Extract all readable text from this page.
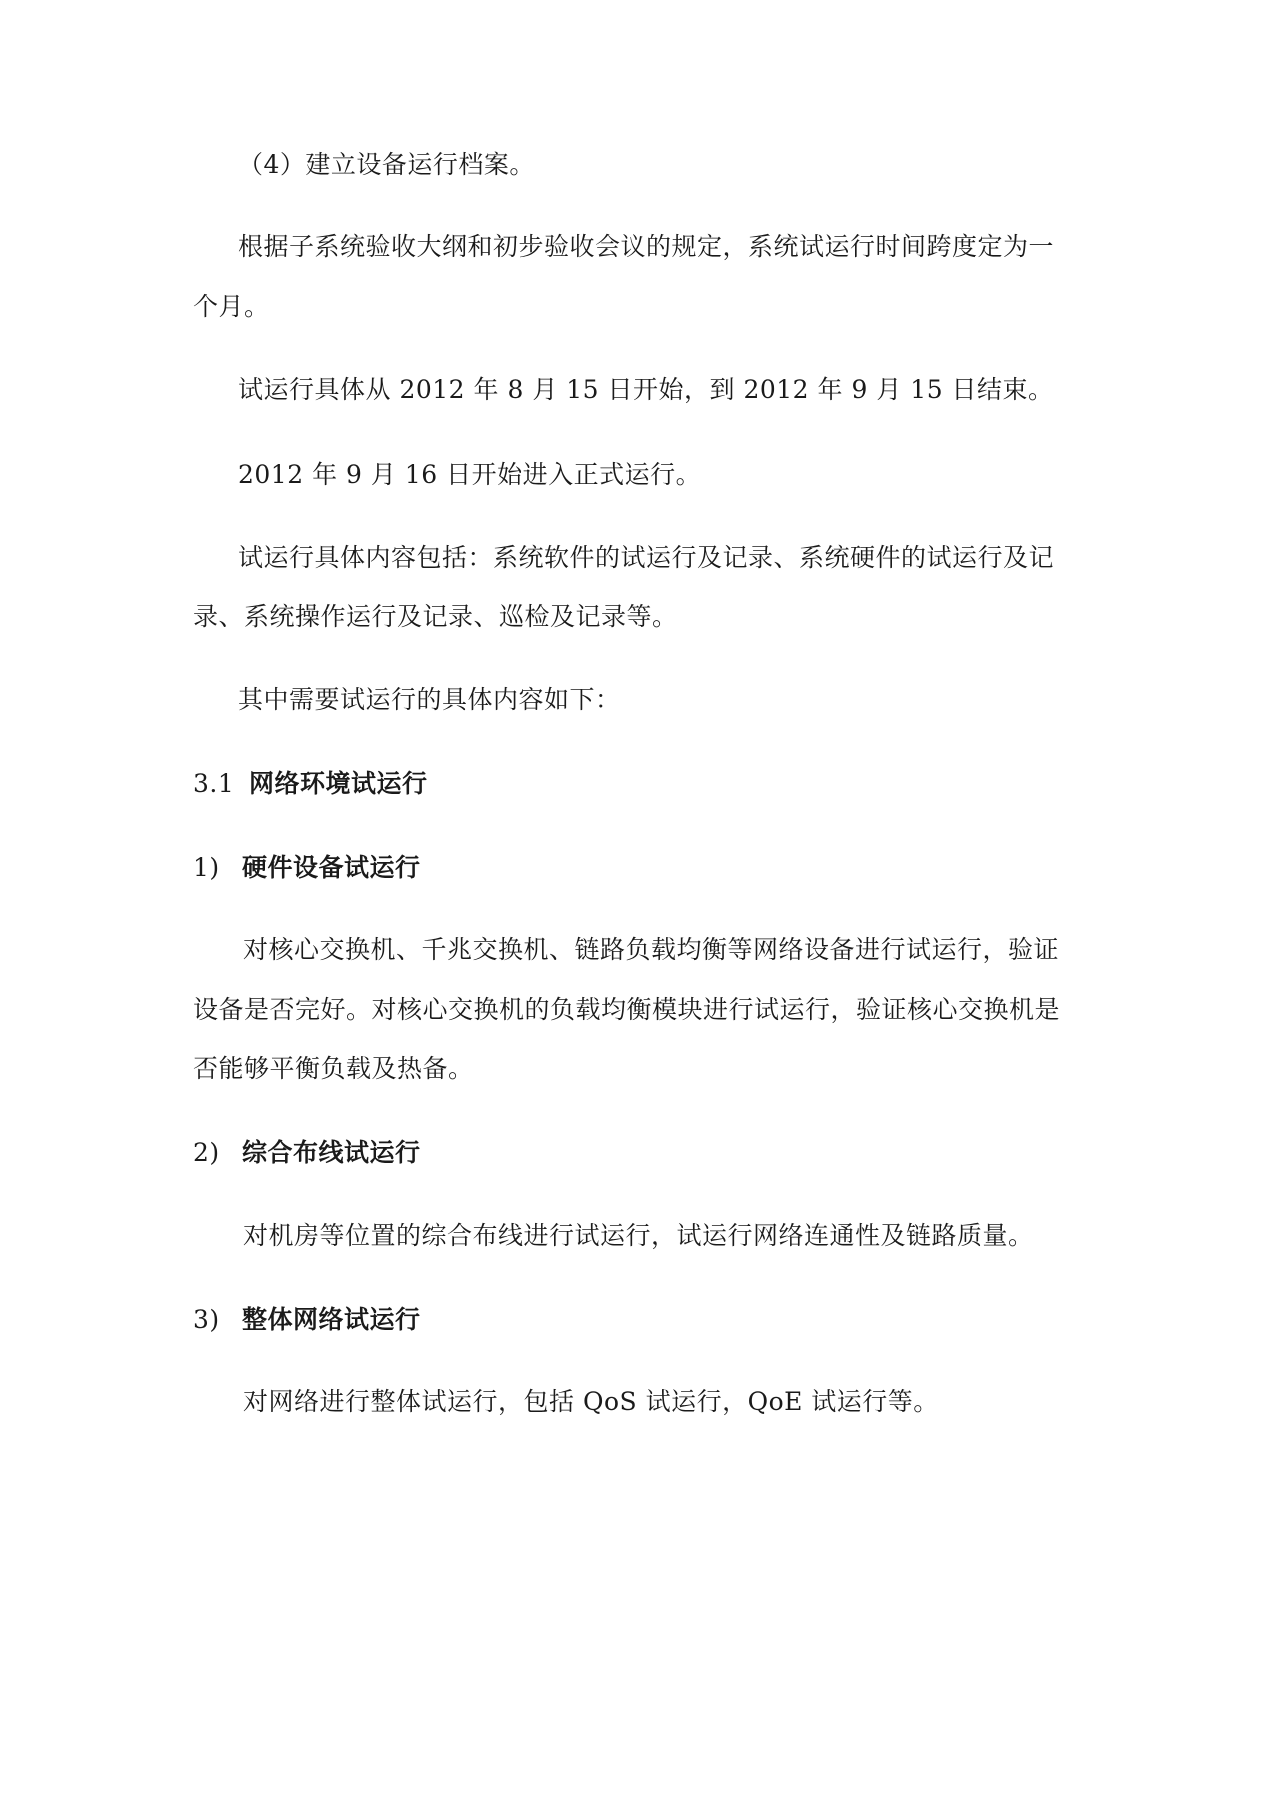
（4）建立设备运行档案。
根据子系统验收大纲和初步验收会议的规定，系统试运行时间跨度定为一
个月。
试运行具体从 2012 年 8 月 15 日开始，到 2012 年 9 月 15 日结束。
2012 年 9 月 16 日开始进入正式运行。
试运行具体内容包括：系统软件的试运行及记录、系统硬件的试运行及记
录、系统操作运行及记录、巡检及记录等。
其中需要试运行的具体内容如下：
3.1 网络环境试运行
1) 硬件设备试运行
对核心交换机、千兆交换机、链路负载均衡等网络设备进行试运行，验证
设备是否完好。对核心交换机的负载均衡模块进行试运行，验证核心交换机是
否能够平衡负载及热备。
2) 综合布线试运行
对机房等位置的综合布线进行试运行，试运行网络连通性及链路质量。
3) 整体网络试运行
对网络进行整体试运行，包括 QoS 试运行，QoE 试运行等。
